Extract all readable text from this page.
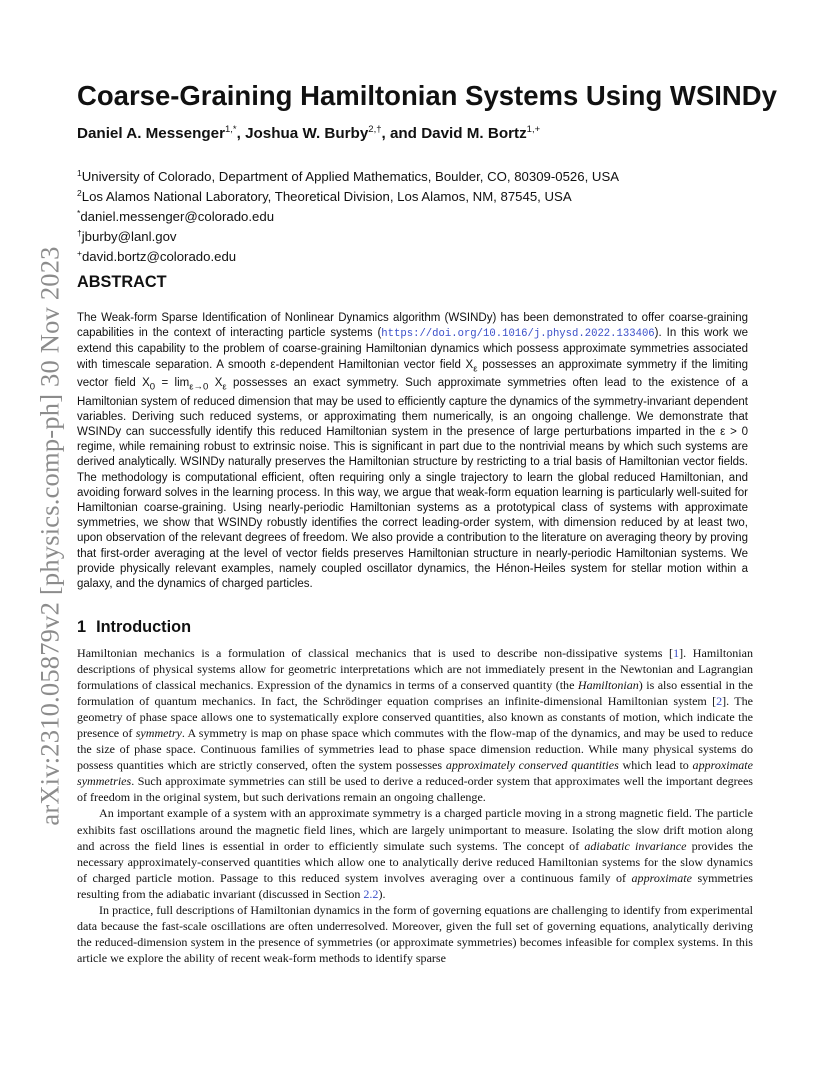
arXiv:2310.05879v2 [physics.comp-ph] 30 Nov 2023
Coarse-Graining Hamiltonian Systems Using WSINDy
Daniel A. Messenger$^{1,*}$, Joshua W. Burby$^{2,\dagger}$, and David M. Bortz$^{1,+}$
$^1$University of Colorado, Department of Applied Mathematics, Boulder, CO, 80309-0526, USA
$^2$Los Alamos National Laboratory, Theoretical Division, Los Alamos, NM, 87545, USA
*daniel.messenger@colorado.edu
†jburby@lanl.gov
+david.bortz@colorado.edu
ABSTRACT

The Weak-form Sparse Identification of Nonlinear Dynamics algorithm (WSINDy) has been demonstrated to offer coarse-graining capabilities in the context of interacting particle systems (https://doi.org/10.1016/j.physd.2022.133406). In this work we extend this capability to the problem of coarse-graining Hamiltonian dynamics which possess approximate symmetries associated with timescale separation. A smooth ε-dependent Hamiltonian vector field $X_\varepsilon$ possesses an approximate symmetry if the limiting vector field $X_0 = \lim_{\varepsilon\to 0} X_\varepsilon$ possesses an exact symmetry. Such approximate symmetries often lead to the existence of a Hamiltonian system of reduced dimension that may be used to efficiently capture the dynamics of the symmetry-invariant dependent variables. Deriving such reduced systems, or approximating them numerically, is an ongoing challenge. We demonstrate that WSINDy can successfully identify this reduced Hamiltonian system in the presence of large perturbations imparted in the ε > 0 regime, while remaining robust to extrinsic noise. This is significant in part due to the nontrivial means by which such systems are derived analytically. WSINDy naturally preserves the Hamiltonian structure by restricting to a trial basis of Hamiltonian vector fields. The methodology is computational efficient, often requiring only a single trajectory to learn the global reduced Hamiltonian, and avoiding forward solves in the learning process. In this way, we argue that weak-form equation learning is particularly well-suited for Hamiltonian coarse-graining. Using nearly-periodic Hamiltonian systems as a prototypical class of systems with approximate symmetries, we show that WSINDy robustly identifies the correct leading-order system, with dimension reduced by at least two, upon observation of the relevant degrees of freedom. We also provide a contribution to the literature on averaging theory by proving that first-order averaging at the level of vector fields preserves Hamiltonian structure in nearly-periodic Hamiltonian systems. We provide physically relevant examples, namely coupled oscillator dynamics, the Hénon-Heiles system for stellar motion within a galaxy, and the dynamics of charged particles.

1 Introduction

Hamiltonian mechanics is a formulation of classical mechanics that is used to describe non-dissipative systems [1]. Hamiltonian descriptions of physical systems allow for geometric interpretations which are not immediately present in the Newtonian and Lagrangian formulations of classical mechanics. Expression of the dynamics in terms of a conserved quantity (the Hamiltonian) is also essential in the formulation of quantum mechanics. In fact, the Schrödinger equation comprises an infinite-dimensional Hamiltonian system [2]. The geometry of phase space allows one to systematically explore conserved quantities, also known as constants of motion, which indicate the presence of symmetry. A symmetry is map on phase space which commutes with the flow-map of the dynamics, and may be used to reduce the size of phase space. Continuous families of symmetries lead to phase space dimension reduction. While many physical systems do possess quantities which are strictly conserved, often the system possesses approximately conserved quantities which lead to approximate symmetries. Such approximate symmetries can still be used to derive a reduced-order system that approximates well the important degrees of freedom in the original system, but such derivations remain an ongoing challenge.

An important example of a system with an approximate symmetry is a charged particle moving in a strong magnetic field. The particle exhibits fast oscillations around the magnetic field lines, which are largely unimportant to measure. Isolating the slow drift motion along and across the field lines is essential in order to efficiently simulate such systems. The concept of adiabatic invariance provides the necessary approximately-conserved quantities which allow one to analytically derive reduced Hamiltonian systems for the slow dynamics of charged particle motion. Passage to this reduced system involves averaging over a continuous family of approximate symmetries resulting from the adiabatic invariant (discussed in Section 2.2).

In practice, full descriptions of Hamiltonian dynamics in the form of governing equations are challenging to identify from experimental data because the fast-scale oscillations are often underresolved. Moreover, given the full set of governing equations, analytically deriving the reduced-dimension system in the presence of symmetries (or approximate symmetries) becomes infeasible for complex systems. In this article we explore the ability of recent weak-form methods to identify sparse
